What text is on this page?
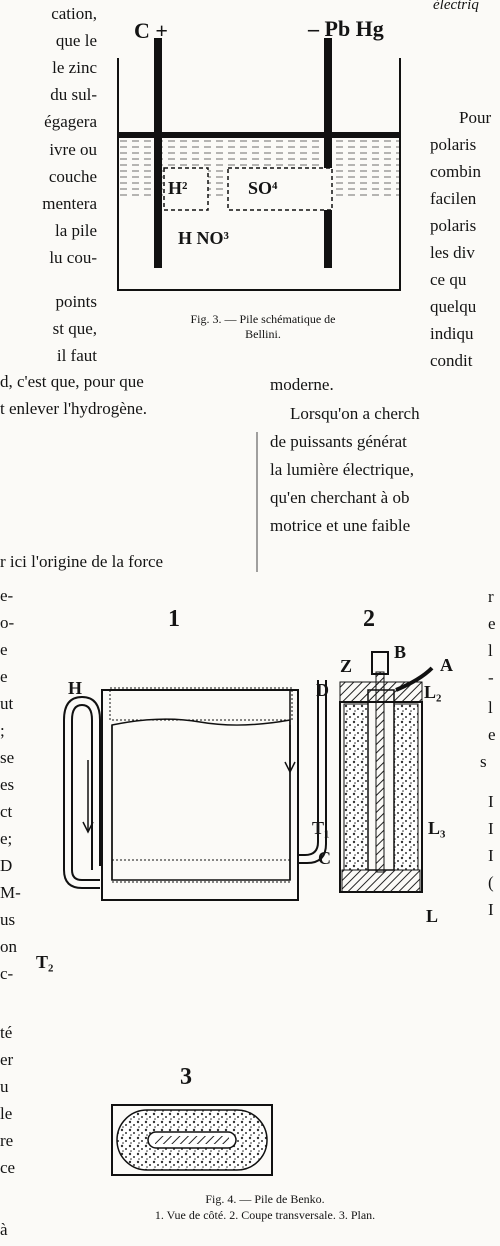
cation,
que le
le zinc
du sul-
égagera
ivre ou
couche
mentera
la pile
lu cou-
points
st que,
il faut
électriq
Pour
polaris
combin
facilen
polaris
les div
ce qu
quelqu
indiqu
condit
C +	– Pb Hg
H²	SO⁴
H NO³
Fig. 3. — Pile schématique de
Bellini.
d, c'est que, pour que
t enlever l'hydrogène.
r ici l'origine de la force
moderne.
Lorsqu'on a cherch
de puissants générat
la lumière électrique,
qu'en cherchant à ob
motrice et une faible
e-
o-
e
e
ut
;
se
es
ct
e;
D
M-
us
on
c-
té
er
u
le
re
ce
à
r
e
l
-
l
e
s
I
I
I
(
I
1	2
3
H
T₁
T₂
B
Z	A
D	L₂
C
L₃
L
Fig. 4. — Pile de Benko.
1. Vue de côté. 2. Coupe transversale. 3. Plan.
